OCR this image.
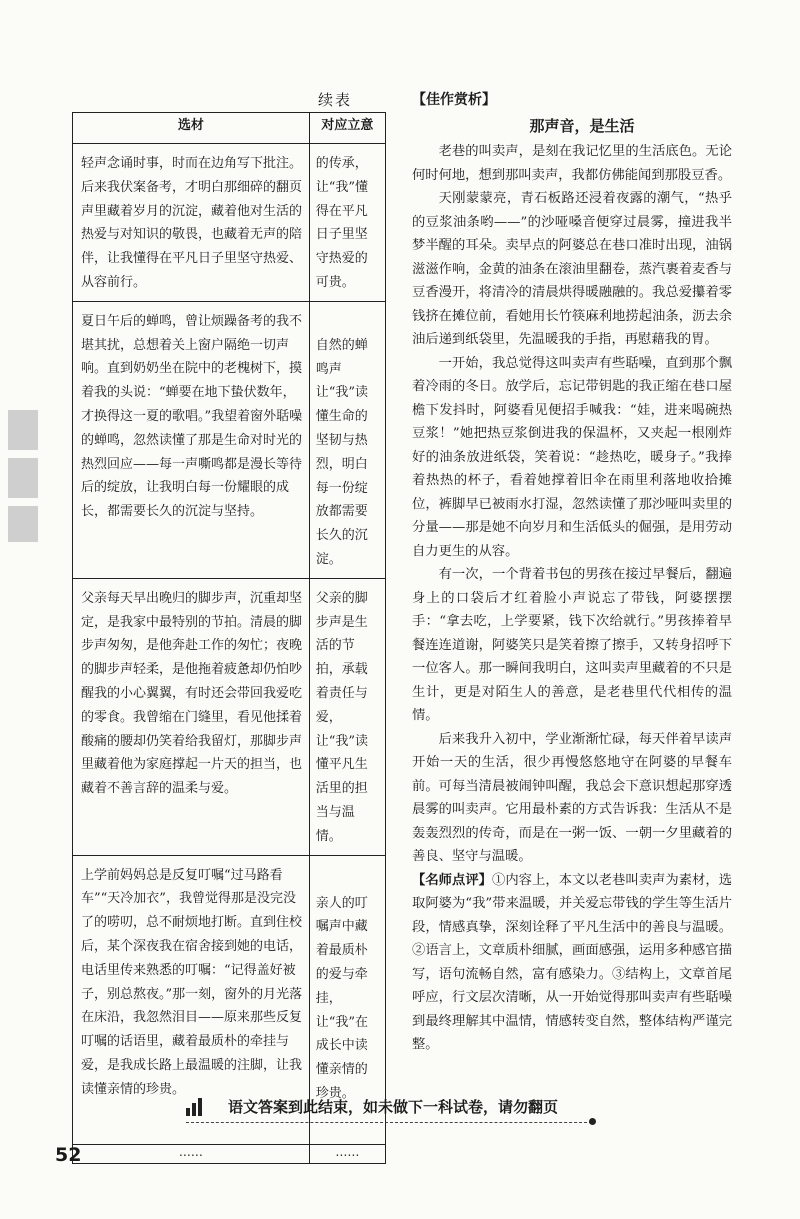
续表
选材	对应立意
轻声念诵时事，时而在边角写下批注。后来我伏案备考，才明白那细碎的翻页声里藏着岁月的沉淀，藏着他对生活的热爱与对知识的敬畏，也藏着无声的陪伴，让我懂得在平凡日子里坚守热爱、从容前行。	的传承，让“我”懂得在平凡日子里坚守热爱的可贵。
夏日午后的蝉鸣，曾让烦躁备考的我不堪其扰，总想着关上窗户隔绝一切声响。直到奶奶坐在院中的老槐树下，摸着我的头说：“蝉要在地下蛰伏数年，才换得这一夏的歌唱。”我望着窗外聒噪的蝉鸣，忽然读懂了那是生命对时光的热烈回应——每一声嘶鸣都是漫长等待后的绽放，让我明白每一份耀眼的成长，都需要长久的沉淀与坚持。	自然的蝉鸣声让“我”读懂生命的坚韧与热烈，明白每一份绽放都需要长久的沉淀。
父亲每天早出晚归的脚步声，沉重却坚定，是我家中最特别的节拍。清晨的脚步声匆匆，是他奔赴工作的匆忙；夜晚的脚步声轻柔，是他拖着疲惫却仍怕吵醒我的小心翼翼，有时还会带回我爱吃的零食。我曾缩在门缝里，看见他揉着酸痛的腰却仍笑着给我留灯，那脚步声里藏着他为家庭撑起一片天的担当，也藏着不善言辞的温柔与爱。	父亲的脚步声是生活的节拍，承载着责任与爱，让“我”读懂平凡生活里的担当与温情。
上学前妈妈总是反复叮嘱“过马路看车”“天冷加衣”，我曾觉得那是没完没了的唠叨，总不耐烦地打断。直到住校后，某个深夜我在宿舍接到她的电话，电话里传来熟悉的叮嘱：“记得盖好被子，别总熬夜。”那一刻，窗外的月光落在床沿，我忽然泪目——原来那些反复叮嘱的话语里，藏着最质朴的牵挂与爱，是我成长路上最温暖的注脚，让我读懂亲情的珍贵。	亲人的叮嘱声中藏着最质朴的爱与牵挂，让“我”在成长中读懂亲情的珍贵。
……	……
【佳作赏析】
那声音，是生活

老巷的叫卖声，是刻在我记忆里的生活底色。无论何时何地，想到那叫卖声，我都仿佛能闻到那股豆香。

天刚蒙蒙亮，青石板路还浸着夜露的潮气，“热乎的豆浆油条哟——”的沙哑嗓音便穿过晨雾，撞进我半梦半醒的耳朵。卖早点的阿婆总在巷口准时出现，油锅滋滋作响，金黄的油条在滚油里翻卷，蒸汽裹着麦香与豆香漫开，将清冷的清晨烘得暖融融的。我总爱攥着零钱挤在摊位前，看她用长竹筷麻利地捞起油条，沥去余油后递到纸袋里，先温暖我的手指，再慰藉我的胃。

一开始，我总觉得这叫卖声有些聒噪，直到那个飘着冷雨的冬日。放学后，忘记带钥匙的我正缩在巷口屋檐下发抖时，阿婆看见便招手喊我：“娃，进来喝碗热豆浆！”她把热豆浆倒进我的保温杯，又夹起一根刚炸好的油条放进纸袋，笑着说：“趁热吃，暖身子。”我捧着热热的杯子，看着她撑着旧伞在雨里利落地收拾摊位，裤脚早已被雨水打湿，忽然读懂了那沙哑叫卖里的分量——那是她不向岁月和生活低头的倔强，是用劳动自力更生的从容。

有一次，一个背着书包的男孩在接过早餐后，翻遍身上的口袋后才红着脸小声说忘了带钱，阿婆摆摆手：“拿去吃，上学要紧，钱下次给就行。”男孩捧着早餐连连道谢，阿婆笑只是笑着擦了擦手，又转身招呼下一位客人。那一瞬间我明白，这叫卖声里藏着的不只是生计，更是对陌生人的善意，是老巷里代代相传的温情。

后来我升入初中，学业渐渐忙碌，每天伴着早读声开始一天的生活，很少再慢悠悠地守在阿婆的早餐车前。可每当清晨被闹钟叫醒，我总会下意识想起那穿透晨雾的叫卖声。它用最朴素的方式告诉我：生活从不是轰轰烈烈的传奇，而是在一粥一饭、一朝一夕里藏着的善良、坚守与温暖。

【名师点评】①内容上，本文以老巷叫卖声为素材，选取阿婆为“我”带来温暖，并关爱忘带钱的学生等生活片段，情感真挚，深刻诠释了平凡生活中的善良与温暖。②语言上，文章质朴细腻，画面感强，运用多种感官描写，语句流畅自然，富有感染力。③结构上，文章首尾呼应，行文层次清晰，从一开始觉得那叫卖声有些聒噪到最终理解其中温情，情感转变自然，整体结构严谨完整。

语文答案到此结束，如未做下一科试卷，请勿翻页
52
